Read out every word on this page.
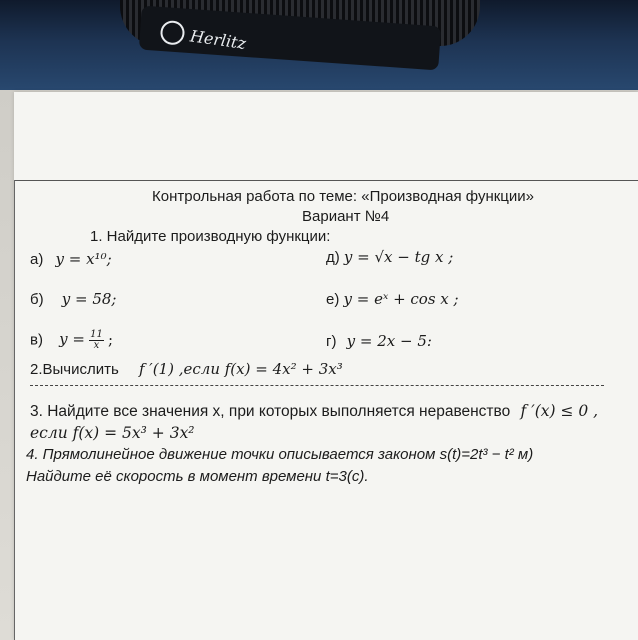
Herlitz
Контрольная работа по теме: «Производная функции»
Вариант №4
1. Найдите производную функции:
а) y = x¹⁰;	д) y = √x − tg x ;
б) y = 58;	е) y = eˣ + cos x ;
в) $y = \frac{11}{x}$ ;	г) y = 2x − 5:
2.Вычислить f ′(1) ,если f(x) = 4x² + 3x³
3. Найдите все значения x, при которых выполняется неравенство f ′(x) ≤ 0 ,
если f(x) = 5x³ + 3x²
4. Прямолинейное движение точки описывается законом s(t)=2t³ − t² м)
Найдите её скорость в момент времени t=3(с).
